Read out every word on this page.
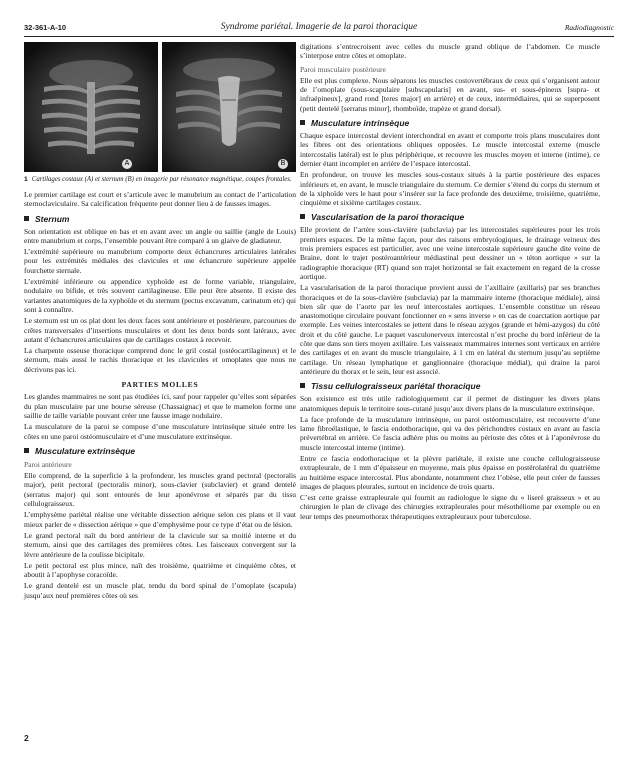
32-361-A-10	Syndrome pariétal. Imagerie de la paroi thoracique	Radiodiagnostic
A	B
1 Cartilages costaux (A) et sternum (B) en imagerie par résonance magnétique, coupes frontales.

Le premier cartilage est court et s’articule avec le manubrium au contact de l’articulation sternoclaviculaire. Sa calcification fréquente peut donner lieu à de fausses images.

Sternum

Son orientation est oblique en bas et en avant avec un angle ou saillie (angle de Louis) entre manubrium et corps, l’ensemble pouvant être comparé à un glaive de gladiateur.

L’extrémité supérieure ou manubrium comporte deux échancrures articulaires latérales pour les extrémités médiales des clavicules et une échancrure supérieure appelée fourchette sternale.

L’extrémité inférieure ou appendice xyphoïde est de forme variable, triangulaire, nodulaire ou bifide, et très souvent cartilagineuse. Elle peut être absente. Il existe des variantes anatomiques de la xyphoïde et du sternum (pectus excavatum, carinatum etc) qui sont à connaître.

Le sternum est un os plat dont les deux faces sont antérieure et postérieure, parcourues de crêtes transversales d’insertions musculaires et dont les deux bords sont latéraux, avec autant d’échancrures articulaires que de cartilages costaux à recevoir.

La charpente osseuse thoracique comprend donc le gril costal (ostéocartilagineux) et le sternum, mais aussi le rachis thoracique et les clavicules et omoplates que nous ne décrivons pas ici.

PARTIES MOLLES

Les glandes mammaires ne sont pas étudiées ici, sauf pour rappeler qu’elles sont séparées du plan musculaire par une bourse séreuse (Chassaignac) et que le mamelon forme une saillie de taille variable pouvant créer une fausse image nodulaire.

La musculature de la paroi se compose d’une musculature intrinsèque située entre les côtes en une paroi ostéomusculaire et d’une musculature extrinsèque.

Musculature extrinsèque
Paroi antérieure

Elle comprend, de la superficie à la profondeur, les muscles grand pectoral (pectoralis major), petit pectoral (pectoralis minor), sous-clavier (subclavier) et grand dentelé (serratus major) qui sont entourés de leur aponévrose et séparés par du tissu cellulograisseux.

L’emphysème pariétal réalise une véritable dissection aérique selon ces plans et il vaut mieux parler de « dissection aérique » que d’emphysème pour ce type d’état ou de lésion.

Le grand pectoral naît du bord antérieur de la clavicule sur sa moitié interne et du sternum, ainsi que des cartilages des premières côtes. Les faisceaux convergent sur la lèvre antérieure de la coulisse bicipitale.

Le petit pectoral est plus mince, naît des troisième, quatrième et cinquième côtes, et aboutit à l’apophyse coracoïde.

Le grand dentelé est un muscle plat, tendu du bord spinal de l’omoplate (scapula) jusqu’aux neuf premières côtes où ses

digitations s’entrecroisent avec celles du muscle grand oblique de l’abdomen. Ce muscle s’interpose entre côtes et omoplate.

Paroi musculaire postérieure

Elle est plus complexe. Nous séparons les muscles costovertébraux de ceux qui s’organisent autour de l’omoplate (sous-scapulaire [subscapularis] en avant, sus- et sous-épineux [supra- et infraépineux], grand rond [teres major] en arrière) et de ceux, intermédiaires, qui se superposent (petit dentelé [serratus minor], rhomboïde, trapèze et grand dorsal).

Musculature intrinsèque

Chaque espace intercostal devient interchondral en avant et comporte trois plans musculaires dont les fibres ont des orientations obliques opposées. Le muscle intercostal externe (muscle intercostalis latéral) est le plus périphérique, et recouvre les muscles moyen et interne (intime), ce dernier étant incomplet en arrière de l’espace intercostal.

En profondeur, on trouve les muscles sous-costaux situés à la partie postérieure des espaces inférieurs et, en avant, le muscle triangulaire du sternum. Ce dernier s’étend du corps du sternum et de la xiphoïde vers le haut pour s’insérer sur la face profonde des deuxième, troisième, quatrième, cinquième et sixième cartilages costaux.

Vascularisation de la paroi thoracique

Elle provient de l’artère sous-clavière (subclavia) par les intercostales supérieures pour les trois premiers espaces. De la même façon, pour des raisons embryologiques, le drainage veineux des trois premiers espaces est particulier, avec une veine intercostale supérieure gauche dite veine de Braine, dont le trajet postéroantérieur médiastinal peut dessiner un « téton aortique » sur la radiographie thoracique (RT) quand son trajet horizontal se fait exactement en regard de la crosse aortique.

La vascularisation de la paroi thoracique provient aussi de l’axillaire (axillaris) par ses branches thoraciques et de la sous-clavière (subclavia) par la mammaire interne (thoracique médiale), ainsi bien sûr que de l’aorte par les neuf intercostales aortiques. L’ensemble constitue un réseau anastomotique circulaire pouvant fonctionner en « sens inverse » en cas de coarctation aortique par exemple. Les veines intercostales se jettent dans le réseau azygos (grande et hémi-azygos) du côté droit et du côté gauche. Le paquet vasculonerveux intercostal n’est proche du bord inférieur de la côte que dans son tiers moyen axillaire. Les vaisseaux mammaires internes sont verticaux en arrière des cartilages et en avant du muscle triangulaire, à 1 cm en latéral du sternum jusqu’au septième cartilage. Un réseau lymphatique et ganglionnaire (thoracique médial), qui draine la paroi antérieure du thorax et le sein, leur est associé.

Tissu cellulograisseux pariétal thoracique

Son existence est très utile radiologiquement car il permet de distinguer les divers plans anatomiques depuis le territoire sous-cutané jusqu’aux divers plans de la musculature extrinsèque.

La face profonde de la musculature intrinsèque, ou paroi ostéomusculaire, est recouverte d’une lame fibroélastique, le fascia endothoracique, qui va des périchondres costaux en avant au fascia prévertébral en arrière. Ce fascia adhère plus ou moins au périoste des côtes et à l’aponévrose du muscle intercostal interne (intime).

Entre ce fascia endothoracique et la plèvre pariétale, il existe une couche cellulograisseuse extrapleurale, de 1 mm d’épaisseur en moyenne, mais plus épaisse en postérolatéral du quatrième au huitième espace intercostal. Plus abondante, notamment chez l’obèse, elle peut créer de fausses images de plaques pleurales, surtout en incidence de trois quarts.

C’est cette graisse extrapleurale qui fournit au radiologue le signe du « liseré graisseux » et au chirurgien le plan de clivage des chirurgies extrapleurales pour mésothéliome par exemple ou en leur temps des pneumothorax thérapeutiques extrapleuraux pour tuberculose.

2
